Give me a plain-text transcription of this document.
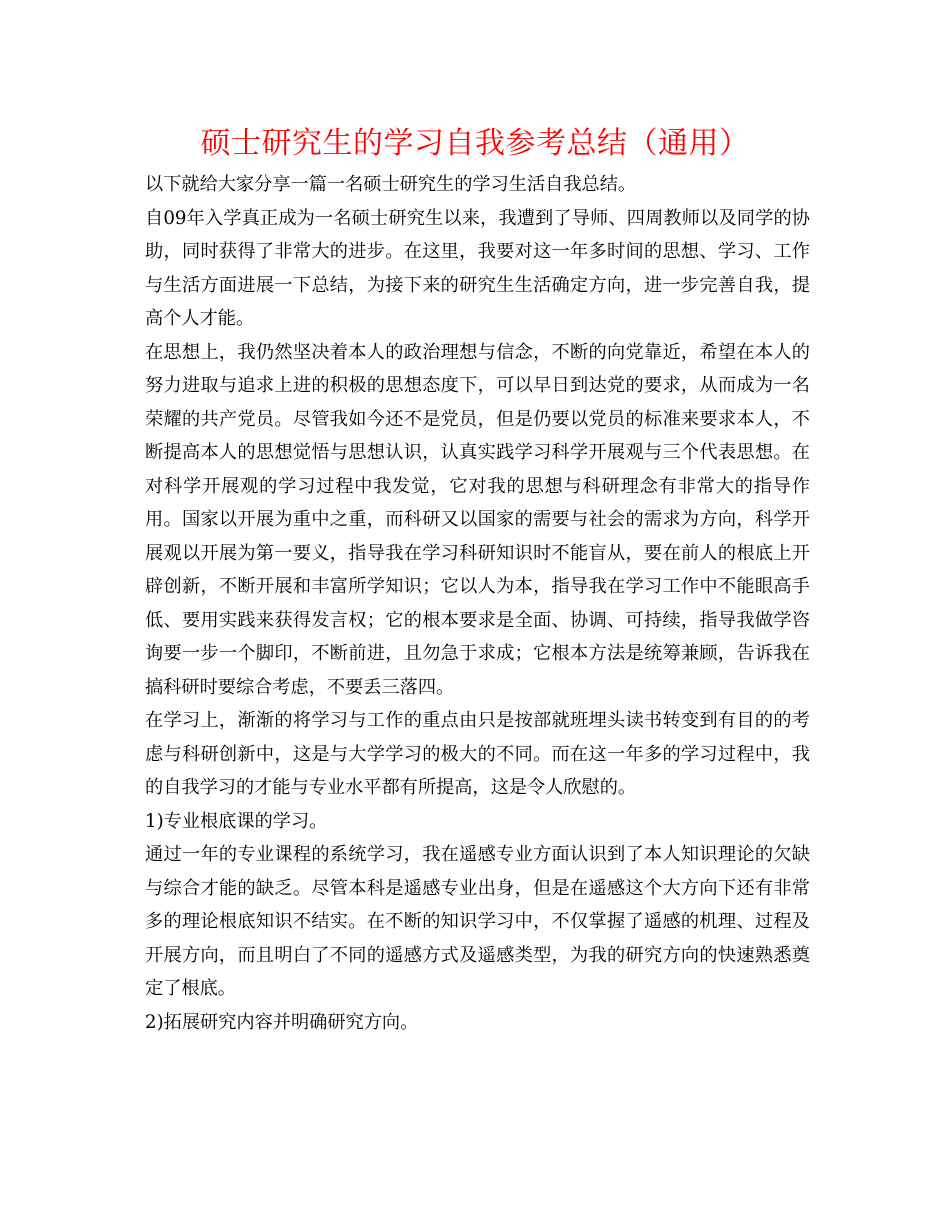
硕士研究生的学习自我参考总结（通用）

以下就给大家分享一篇一名硕士研究生的学习生活自我总结。

自09年入学真正成为一名硕士研究生以来，我遭到了导师、四周教师以及同学的协助，同时获得了非常大的进步。在这里，我要对这一年多时间的思想、学习、工作与生活方面进展一下总结，为接下来的研究生生活确定方向，进一步完善自我，提高个人才能。

在思想上，我仍然坚决着本人的政治理想与信念，不断的向党靠近，希望在本人的努力进取与追求上进的积极的思想态度下，可以早日到达党的要求，从而成为一名荣耀的共产党员。尽管我如今还不是党员，但是仍要以党员的标准来要求本人，不断提高本人的思想觉悟与思想认识，认真实践学习科学开展观与三个代表思想。在对科学开展观的学习过程中我发觉，它对我的思想与科研理念有非常大的指导作用。国家以开展为重中之重，而科研又以国家的需要与社会的需求为方向，科学开展观以开展为第一要义，指导我在学习科研知识时不能盲从，要在前人的根底上开辟创新，不断开展和丰富所学知识；它以人为本，指导我在学习工作中不能眼高手低、要用实践来获得发言权；它的根本要求是全面、协调、可持续，指导我做学咨询要一步一个脚印，不断前进，且勿急于求成；它根本方法是统筹兼顾，告诉我在搞科研时要综合考虑，不要丢三落四。

在学习上，渐渐的将学习与工作的重点由只是按部就班埋头读书转变到有目的的考虑与科研创新中，这是与大学学习的极大的不同。而在这一年多的学习过程中，我的自我学习的才能与专业水平都有所提高，这是令人欣慰的。

1)专业根底课的学习。

通过一年的专业课程的系统学习，我在遥感专业方面认识到了本人知识理论的欠缺与综合才能的缺乏。尽管本科是遥感专业出身，但是在遥感这个大方向下还有非常多的理论根底知识不结实。在不断的知识学习中，不仅掌握了遥感的机理、过程及开展方向，而且明白了不同的遥感方式及遥感类型，为我的研究方向的快速熟悉奠定了根底。

2)拓展研究内容并明确研究方向。
